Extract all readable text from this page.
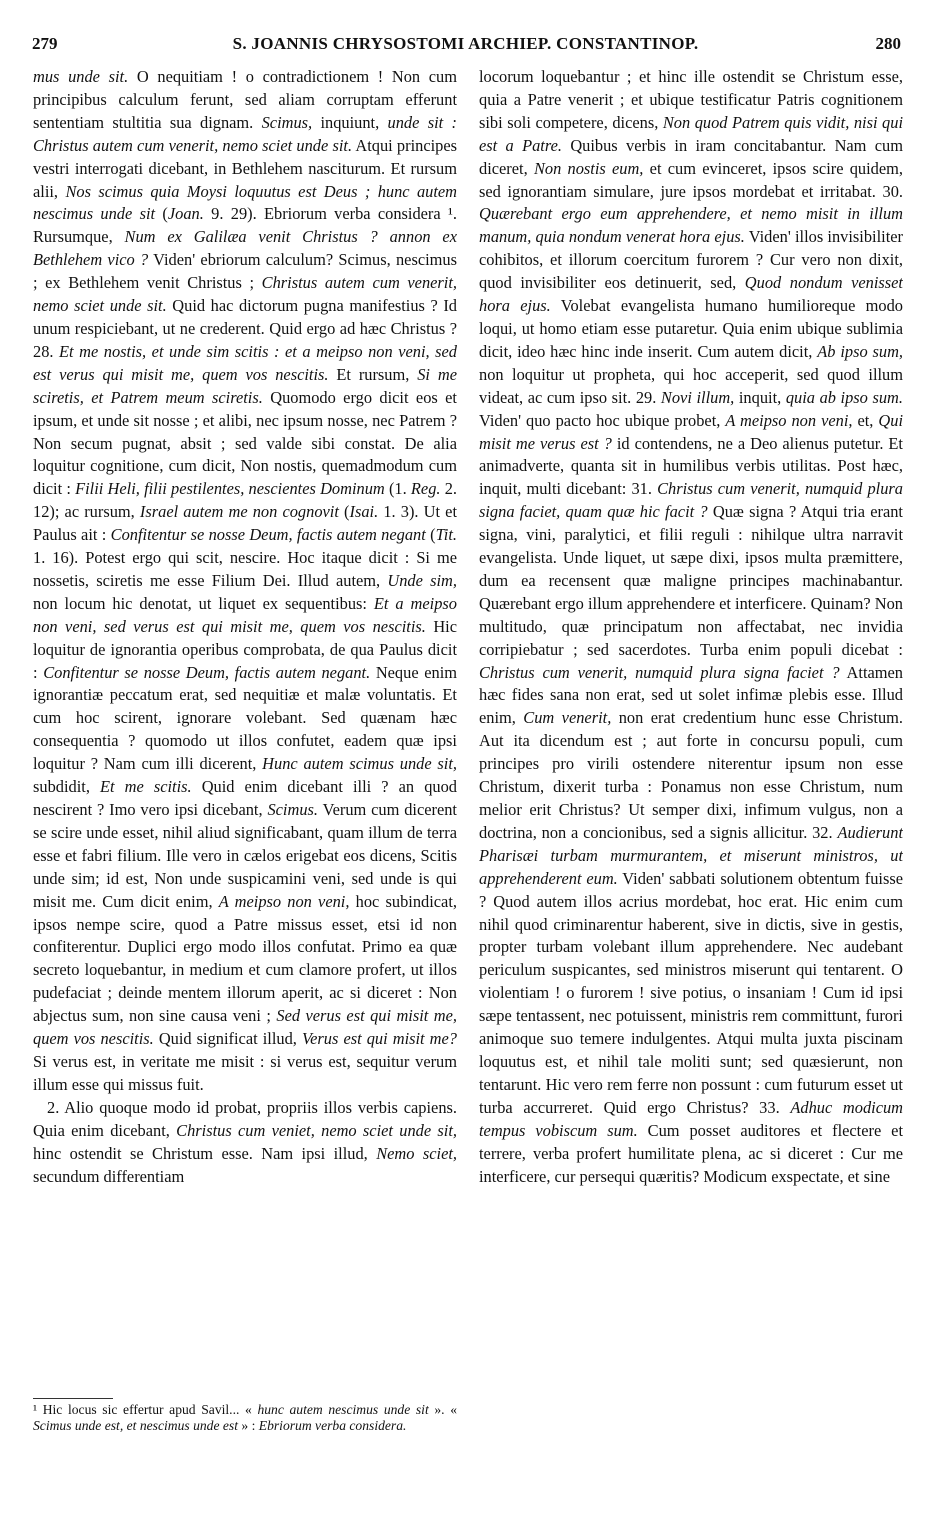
279	S. JOANNIS CHRYSOSTOMI ARCHIEP. CONSTANTINOP.	280

mus unde sit. O nequitiam ! o contradictionem ! Non cum principibus calculum ferunt, sed aliam corruptam efferunt sententiam stultitia sua dignam. Scimus, inquiunt, unde sit : Christus autem cum venerit, nemo sciet unde sit. Atqui principes vestri interrogati dicebant, in Bethlehem nasciturum. Et rursum alii, Nos scimus quia Moysi loquutus est Deus ; hunc autem nescimus unde sit (Joan. 9. 29). Ebriorum verba considera ¹. Rursumque, Num ex Galilæa venit Christus ? annon ex Bethlehem vico ? Viden' ebriorum calculum? Scimus, nescimus ; ex Bethlehem venit Christus ; Christus autem cum venerit, nemo sciet unde sit. Quid hac dictorum pugna manifestius ? Id unum respiciebant, ut ne crederent. Quid ergo ad hæc Christus ? 28. Et me nostis, et unde sim scitis : et a meipso non veni, sed est verus qui misit me, quem vos nescitis. Et rursum, Si me sciretis, et Patrem meum sciretis. Quomodo ergo dicit eos et ipsum, et unde sit nosse ; et alibi, nec ipsum nosse, nec Patrem ? Non secum pugnat, absit ; sed valde sibi constat. De alia loquitur cognitione, cum dicit, Non nostis, quemadmodum cum dicit : Filii Heli, filii pestilentes, nescientes Dominum (1. Reg. 2. 12); ac rursum, Israel autem me non cognovit (Isai. 1. 3). Ut et Paulus ait : Confitentur se nosse Deum, factis autem negant (Tit. 1. 16). Potest ergo qui scit, nescire. Hoc itaque dicit : Si me nossetis, sciretis me esse Filium Dei. Illud autem, Unde sim, non locum hic denotat, ut liquet ex sequentibus: Et a meipso non veni, sed verus est qui misit me, quem vos nescitis. Hic loquitur de ignorantia operibus comprobata, de qua Paulus dicit : Confitentur se nosse Deum, factis autem negant. Neque enim ignorantiæ peccatum erat, sed nequitiæ et malæ voluntatis. Et cum hoc scirent, ignorare volebant. Sed quænam hæc consequentia ? quomodo ut illos confutet, eadem quæ ipsi loquitur ? Nam cum illi dicerent, Hunc autem scimus unde sit, subdidit, Et me scitis. Quid enim dicebant illi ? an quod nescirent ? Imo vero ipsi dicebant, Scimus. Verum cum dicerent se scire unde esset, nihil aliud significabant, quam illum de terra esse et fabri filium. Ille vero in cælos erigebat eos dicens, Scitis unde sim; id est, Non unde suspicamini veni, sed unde is qui misit me. Cum dicit enim, A meipso non veni, hoc subindicat, ipsos nempe scire, quod a Patre missus esset, etsi id non confiterentur. Duplici ergo modo illos confutat. Primo ea quæ secreto loquebantur, in medium et cum clamore profert, ut illos pudefaciat ; deinde mentem illorum aperit, ac si diceret : Non abjectus sum, non sine causa veni ; Sed verus est qui misit me, quem vos nescitis. Quid significat illud, Verus est qui misit me? Si verus est, in veritate me misit : si verus est, sequitur verum illum esse qui missus fuit.

2. Alio quoque modo id probat, propriis illos verbis capiens. Quia enim dicebant, Christus cum veniet, nemo sciet unde sit, hinc ostendit se Christum esse. Nam ipsi illud, Nemo sciet, secundum differentiam

¹ Hic locus sic effertur apud Savil... « hunc autem nescimus unde sit ». « Scimus unde est, et nescimus unde est » : Ebriorum verba considera.

locorum loquebantur ; et hinc ille ostendit se Christum esse, quia a Patre venerit ; et ubique testificatur Patris cognitionem sibi soli competere, dicens, Non quod Patrem quis vidit, nisi qui est a Patre. Quibus verbis in iram concitabantur. Nam cum diceret, Non nostis eum, et cum evinceret, ipsos scire quidem, sed ignorantiam simulare, jure ipsos mordebat et irritabat. 30. Quærebant ergo eum apprehendere, et nemo misit in illum manum, quia nondum venerat hora ejus. Viden' illos invisibiliter cohibitos, et illorum coercitum furorem ? Cur vero non dixit, quod invisibiliter eos detinuerit, sed, Quod nondum venisset hora ejus. Volebat evangelista humano humilioreque modo loqui, ut homo etiam esse putaretur. Quia enim ubique sublimia dicit, ideo hæc hinc inde inserit. Cum autem dicit, Ab ipso sum, non loquitur ut propheta, qui hoc acceperit, sed quod illum videat, ac cum ipso sit. 29. Novi illum, inquit, quia ab ipso sum. Viden' quo pacto hoc ubique probet, A meipso non veni, et, Qui misit me verus est ? id contendens, ne a Deo alienus putetur. Et animadverte, quanta sit in humilibus verbis utilitas. Post hæc, inquit, multi dicebant: 31. Christus cum venerit, numquid plura signa faciet, quam quæ hic facit ? Quæ signa ? Atqui tria erant signa, vini, paralytici, et filii reguli : nihilque ultra narravit evangelista. Unde liquet, ut sæpe dixi, ipsos multa præmittere, dum ea recensent quæ maligne principes machinabantur. Quærebant ergo illum apprehendere et interficere. Quinam? Non multitudo, quæ principatum non affectabat, nec invidia corripiebatur ; sed sacerdotes. Turba enim populi dicebat : Christus cum venerit, numquid plura signa faciet ? Attamen hæc fides sana non erat, sed ut solet infimæ plebis esse. Illud enim, Cum venerit, non erat credentium hunc esse Christum. Aut ita dicendum est ; aut forte in concursu populi, cum principes pro virili ostendere niterentur ipsum non esse Christum, dixerit turba : Ponamus non esse Christum, num melior erit Christus? Ut semper dixi, infimum vulgus, non a doctrina, non a concionibus, sed a signis allicitur. 32. Audierunt Pharisæi turbam murmurantem, et miserunt ministros, ut apprehenderent eum. Viden' sabbati solutionem obtentum fuisse ? Quod autem illos acrius mordebat, hoc erat. Hic enim cum nihil quod criminarentur haberent, sive in dictis, sive in gestis, propter turbam volebant illum apprehendere. Nec audebant periculum suspicantes, sed ministros miserunt qui tentarent. O violentiam ! o furorem ! sive potius, o insaniam ! Cum id ipsi sæpe tentassent, nec potuissent, ministris rem committunt, furori animoque suo temere indulgentes. Atqui multa juxta piscinam loquutus est, et nihil tale moliti sunt; sed quæsierunt, non tentarunt. Hic vero rem ferre non possunt : cum futurum esset ut turba accurreret. Quid ergo Christus? 33. Adhuc modicum tempus vobiscum sum. Cum posset auditores et flectere et terrere, verba profert humilitate plena, ac si diceret : Cur me interficere, cur persequi quæritis? Modicum exspectate, et sine
